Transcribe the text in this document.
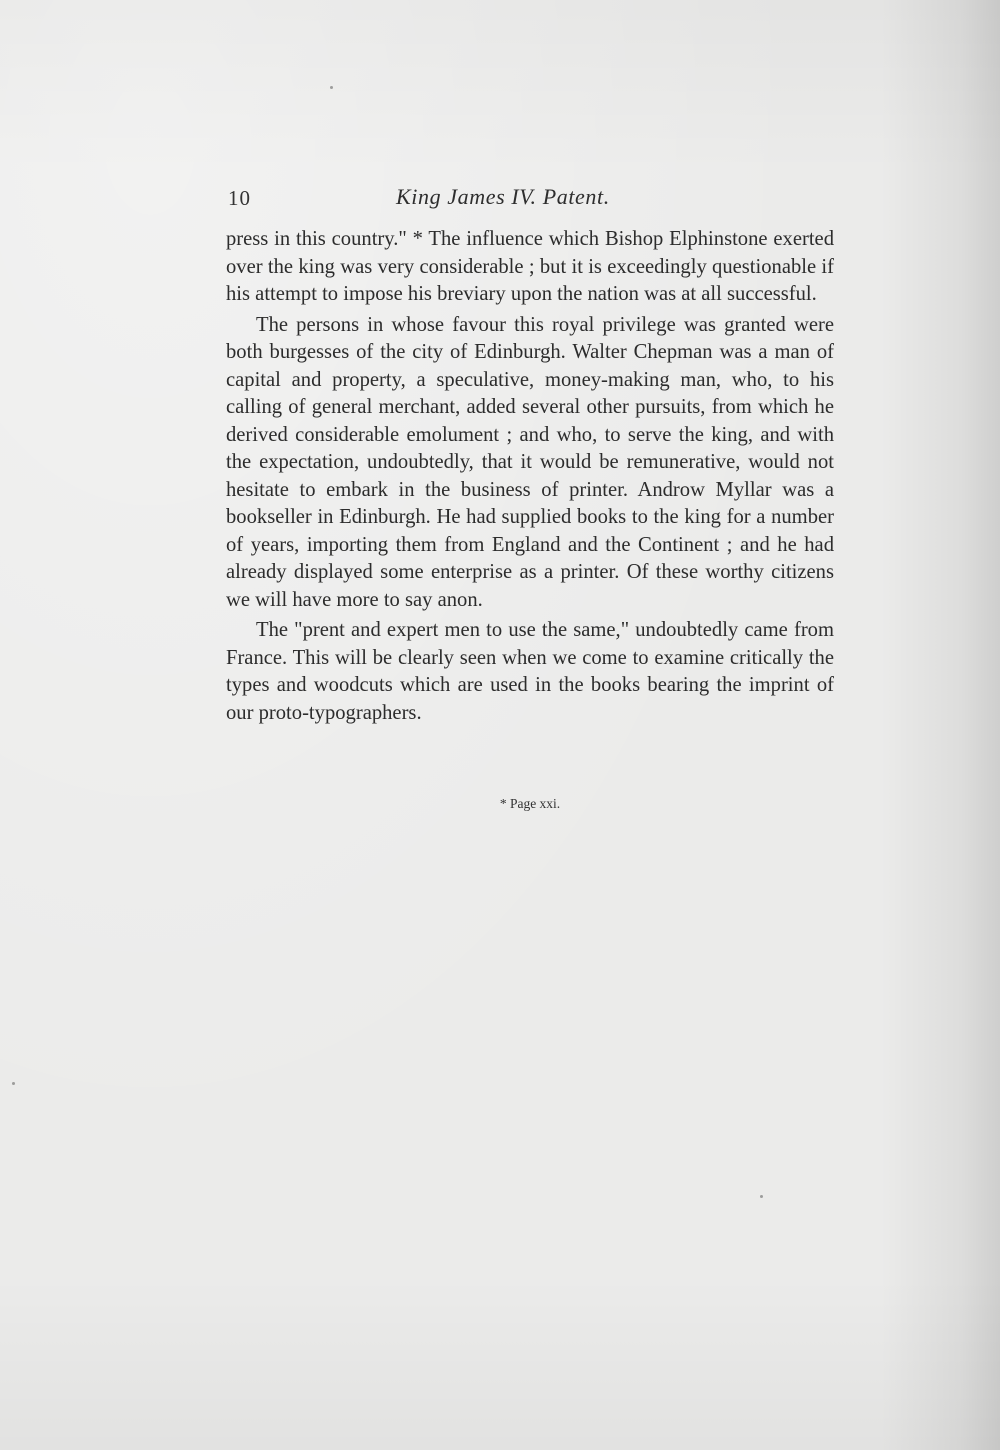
10	King James IV. Patent.

press in this country." * The influence which Bishop Elphinstone exerted over the king was very considerable ; but it is exceedingly questionable if his attempt to impose his breviary upon the nation was at all successful.

The persons in whose favour this royal privilege was granted were both burgesses of the city of Edinburgh. Walter Chepman was a man of capital and property, a speculative, money-making man, who, to his calling of general merchant, added several other pursuits, from which he derived considerable emolument ; and who, to serve the king, and with the expectation, undoubtedly, that it would be remunerative, would not hesitate to embark in the business of printer. Androw Myllar was a bookseller in Edinburgh. He had supplied books to the king for a number of years, importing them from England and the Continent ; and he had already displayed some enterprise as a printer. Of these worthy citizens we will have more to say anon.

The "prent and expert men to use the same," undoubtedly came from France. This will be clearly seen when we come to examine critically the types and woodcuts which are used in the books bearing the imprint of our proto-typographers.

* Page xxi.
